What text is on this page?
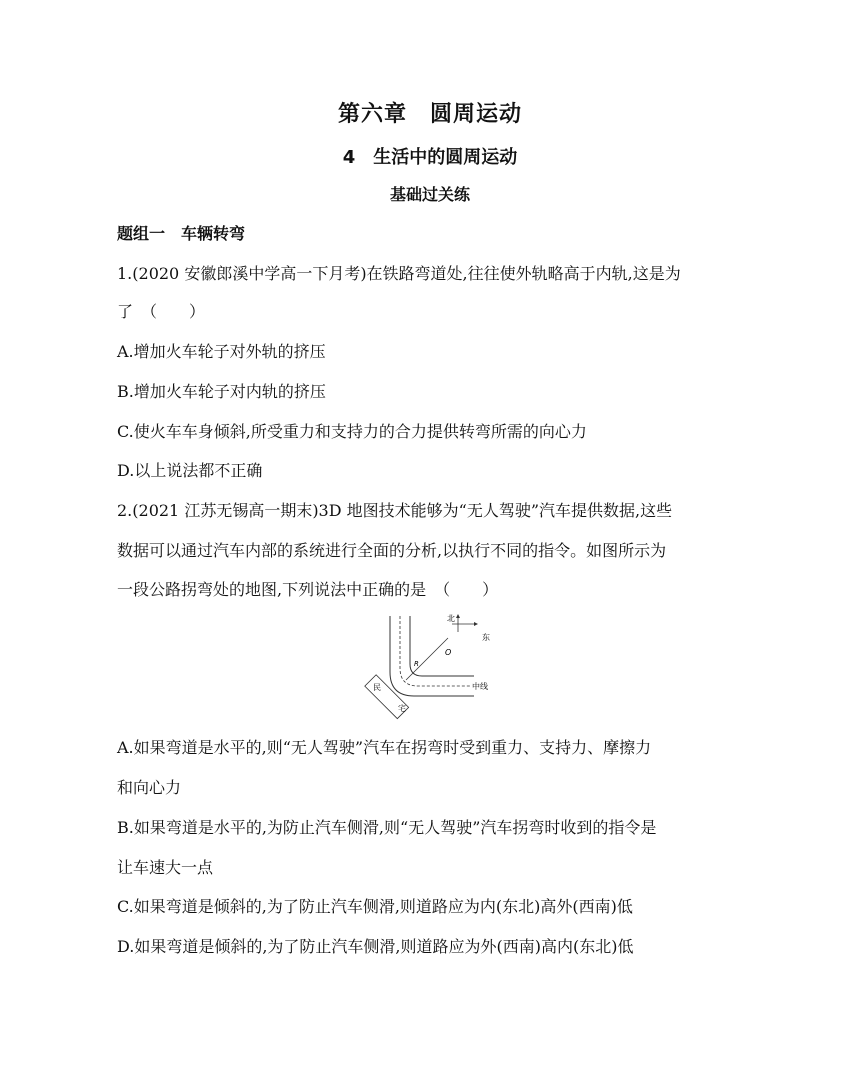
第六章　圆周运动
4　生活中的圆周运动
基础过关练
题组一　车辆转弯
1.(2020 安徽郎溪中学高一下月考)在铁路弯道处,往往使外轨略高于内轨,这是为
了　（　　）
A.增加火车轮子对外轨的挤压
B.增加火车轮子对内轨的挤压
C.使火车车身倾斜,所受重力和支持力的合力提供转弯所需的向心力
D.以上说法都不正确
2.(2021 江苏无锡高一期末)3D 地图技术能够为“无人驾驶”汽车提供数据,这些
数据可以通过汽车内部的系统进行全面的分析,以执行不同的指令。如图所示为
一段公路拐弯处的地图,下列说法中正确的是　（　　）
北
东
O
R
中线
民
宅
A.如果弯道是水平的,则“无人驾驶”汽车在拐弯时受到重力、支持力、摩擦力
和向心力
B.如果弯道是水平的,为防止汽车侧滑,则“无人驾驶”汽车拐弯时收到的指令是
让车速大一点
C.如果弯道是倾斜的,为了防止汽车侧滑,则道路应为内(东北)高外(西南)低
D.如果弯道是倾斜的,为了防止汽车侧滑,则道路应为外(西南)高内(东北)低
